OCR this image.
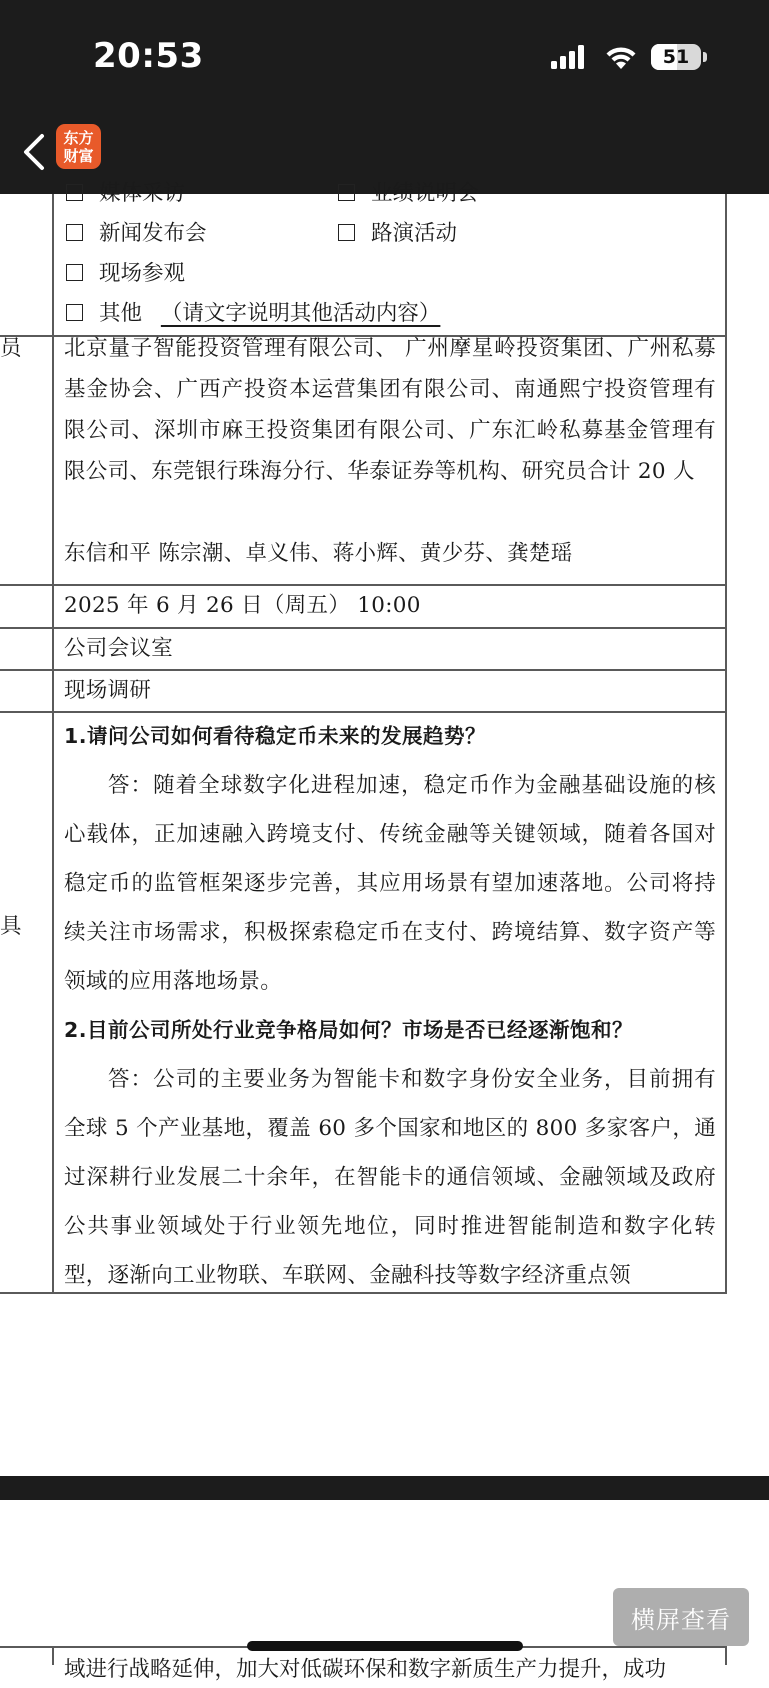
20:53	51
东方
财富
媒体采访	业绩说明会
新闻发布会	路演活动
现场参观
其他 （请文字说明其他活动内容）
员 北京量子智能投资管理有限公司、 广州摩星岭投资集团、广州私募基金协会、广西产投资本运营集团有限公司、南通熙宁投资管理有限公司、深圳市麻王投资集团有限公司、广东汇岭私募基金管理有限公司、东莞银行珠海分行、华泰证券等机构、研究员合计 20 人
东信和平 陈宗潮、卓义伟、蒋小辉、黄少芬、龚楚瑶
2025 年 6 月 26 日（周五） 10:00
公司会议室
现场调研
具
1.请问公司如何看待稳定币未来的发展趋势？
答：随着全球数字化进程加速，稳定币作为金融基础设施的核心载体，正加速融入跨境支付、传统金融等关键领域，随着各国对稳定币的监管框架逐步完善，其应用场景有望加速落地。公司将持续关注市场需求，积极探索稳定币在支付、跨境结算、数字资产等领域的应用落地场景。
2.目前公司所处行业竞争格局如何？市场是否已经逐渐饱和？
答：公司的主要业务为智能卡和数字身份安全业务，目前拥有全球 5 个产业基地，覆盖 60 多个国家和地区的 800 多家客户，通过深耕行业发展二十余年，在智能卡的通信领域、金融领域及政府公共事业领域处于行业领先地位，同时推进智能制造和数字化转型，逐渐向工业物联、车联网、金融科技等数字经济重点领
域进行战略延伸，加大对低碳环保和数字新质生产力提升，成功
横屏查看
